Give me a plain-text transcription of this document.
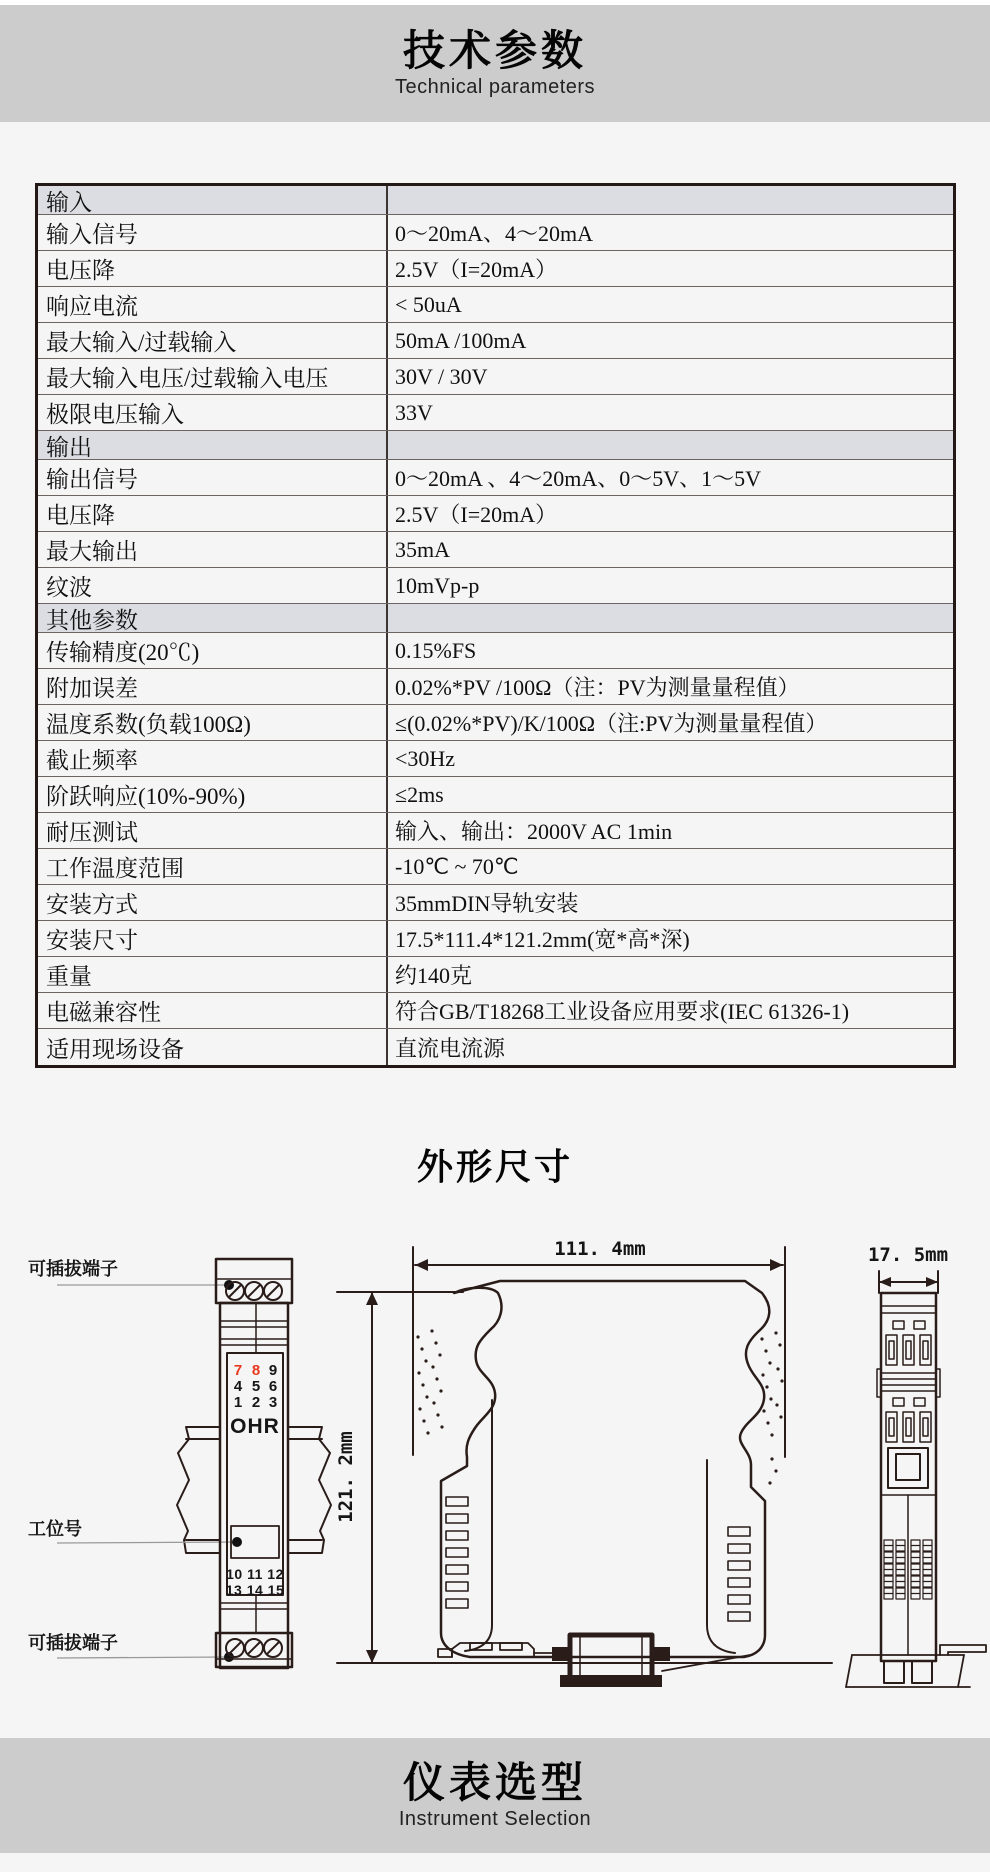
技术参数
Technical parameters
输入
输入信号	0～20mA、4～20mA
电压降	2.5V（I=20mA）
响应电流	< 50uA
最大输入/过载输入	50mA /100mA
最大输入电压/过载输入电压	30V / 30V
极限电压输入	33V
输出
输出信号	0～20mA 、4～20mA、0～5V、1～5V
电压降	2.5V（I=20mA）
最大输出	35mA
纹波	10mVp-p
其他参数
传输精度(20℃)	0.15%FS
附加误差	0.02%*PV /100Ω（注：PV为测量量程值）
温度系数(负载100Ω)	≤(0.02%*PV)/K/100Ω（注:PV为测量量程值）
截止频率	<30Hz
阶跃响应(10%-90%)	≤2ms
耐压测试	输入、输出：2000V AC 1min
工作温度范围	-10℃ ~ 70℃
安装方式	35mmDIN导轨安装
安装尺寸	17.5*111.4*121.2mm(宽*高*深)
重量	约140克
电磁兼容性	符合GB/T18268工业设备应用要求(IEC 61326-1)
适用现场设备	直流电流源
外形尺寸
可插拔端子
工位号
可插拔端子
7 8 9
4 5 6
1 2 3
OHR
10 11 12
13 14 15
111. 4mm
121. 2mm
17. 5mm
仪表选型
Instrument Selection
